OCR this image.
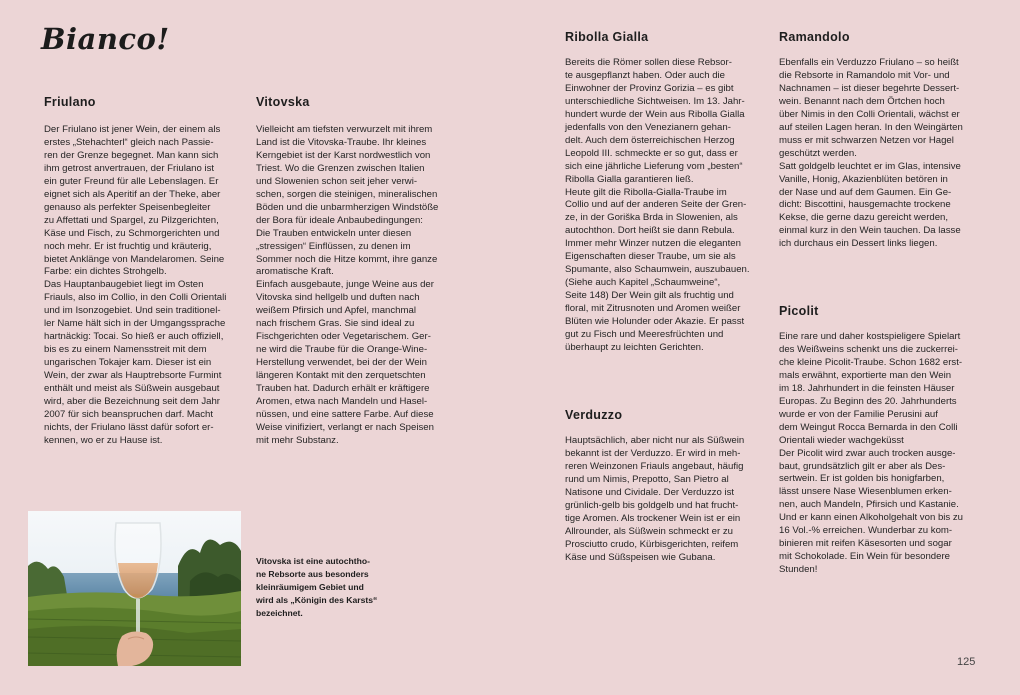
Bianco!
Friulano

Der Friulano ist jener Wein, der einem als
erstes „Stehachterl“ gleich nach Passie-
ren der Grenze begegnet. Man kann sich
ihm getrost anvertrauen, der Friulano ist
ein guter Freund für alle Lebenslagen. Er
eignet sich als Aperitif an der Theke, aber
genauso als perfekter Speisenbegleiter
zu Affettati und Spargel, zu Pilzgerichten,
Käse und Fisch, zu Schmorgerichten und
noch mehr. Er ist fruchtig und kräuterig,
bietet Anklänge von Mandelaromen. Seine
Farbe: ein dichtes Strohgelb.
Das Hauptanbaugebiet liegt im Osten
Friauls, also im Collio, in den Colli Orientali
und im Isonzogebiet. Und sein traditionel-
ler Name hält sich in der Umgangssprache
hartnäckig: Tocai. So hieß er auch offiziell,
bis es zu einem Namensstreit mit dem
ungarischen Tokajer kam. Dieser ist ein
Wein, der zwar als Hauptrebsorte Furmint
enthält und meist als Süßwein ausgebaut
wird, aber die Bezeichnung seit dem Jahr
2007 für sich beanspruchen darf. Macht
nichts, der Friulano lässt dafür sofort er-
kennen, wo er zu Hause ist.

Vitovska

Vielleicht am tiefsten verwurzelt mit ihrem
Land ist die Vitovska-Traube. Ihr kleines
Kerngebiet ist der Karst nordwestlich von
Triest. Wo die Grenzen zwischen Italien
und Slowenien schon seit jeher verwi-
schen, sorgen die steinigen, mineralischen
Böden und die unbarmherzigen Windstöße
der Bora für ideale Anbaubedingungen:
Die Trauben entwickeln unter diesen
„stressigen“ Einflüssen, zu denen im
Sommer noch die Hitze kommt, ihre ganze
aromatische Kraft.
Einfach ausgebaute, junge Weine aus der
Vitovska sind hellgelb und duften nach
weißem Pfirsich und Apfel, manchmal
nach frischem Gras. Sie sind ideal zu
Fischgerichten oder Vegetarischem. Ger-
ne wird die Traube für die Orange-Wine-
Herstellung verwendet, bei der der Wein
längeren Kontakt mit den zerquetschten
Trauben hat. Dadurch erhält er kräftigere
Aromen, etwa nach Mandeln und Hasel-
nüssen, und eine sattere Farbe. Auf diese
Weise vinifiziert, verlangt er nach Speisen
mit mehr Substanz.

Ribolla Gialla

Bereits die Römer sollen diese Rebsor-
te ausgepflanzt haben. Oder auch die
Einwohner der Provinz Gorizia – es gibt
unterschiedliche Sichtweisen. Im 13. Jahr-
hundert wurde der Wein aus Ribolla Gialla
jedenfalls von den Venezianern gehan-
delt. Auch dem österreichischen Herzog
Leopold III. schmeckte er so gut, dass er
sich eine jährliche Lieferung vom „besten“
Ribolla Gialla garantieren ließ.
Heute gilt die Ribolla-Gialla-Traube im
Collio und auf der anderen Seite der Gren-
ze, in der Goriška Brda in Slowenien, als
autochthon. Dort heißt sie dann Rebula.
Immer mehr Winzer nutzen die eleganten
Eigenschaften dieser Traube, um sie als
Spumante, also Schaumwein, auszubauen.
(Siehe auch Kapitel „Schaumweine“,
Seite 148) Der Wein gilt als fruchtig und
floral, mit Zitrusnoten und Aromen weißer
Blüten wie Holunder oder Akazie. Er passt
gut zu Fisch und Meeresfrüchten und
überhaupt zu leichten Gerichten.

Verduzzo

Hauptsächlich, aber nicht nur als Süßwein
bekannt ist der Verduzzo. Er wird in meh-
reren Weinzonen Friauls angebaut, häufig
rund um Nimis, Prepotto, San Pietro al
Natisone und Cividale. Der Verduzzo ist
grünlich-gelb bis goldgelb und hat frucht-
tige Aromen. Als trockener Wein ist er ein
Allrounder, als Süßwein schmeckt er zu
Prosciutto crudo, Kürbisgerichten, reifem
Käse und Süßspeisen wie Gubana.

Ramandolo

Ebenfalls ein Verduzzo Friulano – so heißt
die Rebsorte in Ramandolo mit Vor- und
Nachnamen – ist dieser begehrte Dessert-
wein. Benannt nach dem Örtchen hoch
über Nimis in den Colli Orientali, wächst er
auf steilen Lagen heran. In den Weingärten
muss er mit schwarzen Netzen vor Hagel
geschützt werden.
Satt goldgelb leuchtet er im Glas, intensive
Vanille, Honig, Akazienblüten betören in
der Nase und auf dem Gaumen. Ein Ge-
dicht: Biscottini, hausgemachte trockene
Kekse, die gerne dazu gereicht werden,
einmal kurz in den Wein tauchen. Da lasse
ich durchaus ein Dessert links liegen.

Picolit

Eine rare und daher kostspieligere Spielart
des Weißweins schenkt uns die zuckerrei-
che kleine Picolit-Traube. Schon 1682 erst-
mals erwähnt, exportierte man den Wein
im 18. Jahrhundert in die feinsten Häuser
Europas. Zu Beginn des 20. Jahrhunderts
wurde er von der Familie Perusini auf
dem Weingut Rocca Bernarda in den Colli
Orientali wieder wachgeküsst
Der Picolit wird zwar auch trocken ausge-
baut, grundsätzlich gilt er aber als Des-
sertwein. Er ist golden bis honigfarben,
lässt unsere Nase Wiesenblumen erken-
nen, auch Mandeln, Pfirsich und Kastanie.
Und er kann einen Alkoholgehalt von bis zu
16 Vol.-% erreichen. Wunderbar zu kom-
binieren mit reifen Käsesorten und sogar
mit Schokolade. Ein Wein für besondere
Stunden!

Vitovska ist eine autochtho-
ne Rebsorte aus besonders
kleinräumigem Gebiet und
wird als „Königin des Karsts“
bezeichnet.
125
